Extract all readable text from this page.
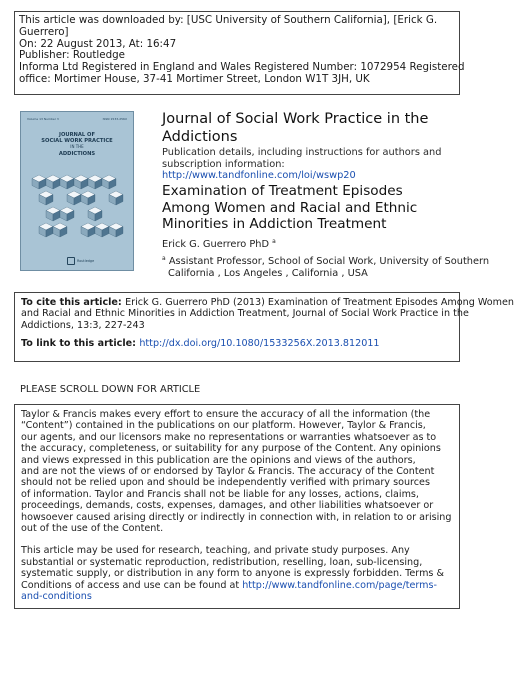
This article was downloaded by: [USC University of Southern California], [Erick G.
Guerrero]
On: 22 August 2013, At: 16:47
Publisher: Routledge
Informa Ltd Registered in England and Wales Registered Number: 1072954 Registered
office: Mortimer House, 37-41 Mortimer Street, London W1T 3JH, UK
Volume 13 Number 3	ISSN 1533-256X
JOURNAL OF
SOCIAL WORK PRACTICE
IN THE
ADDICTIONS
Routledge
Journal of Social Work Practice in the
Addictions
Publication details, including instructions for authors and
subscription information:
http://www.tandfonline.com/loi/wswp20
Examination of Treatment Episodes
Among Women and Racial and Ethnic
Minorities in Addiction Treatment
Erick G. Guerrero PhD $^a$
$^a$ Assistant Professor, School of Social Work, University of Southern
California , Los Angeles , California , USA
To cite this article: Erick G. Guerrero PhD (2013) Examination of Treatment Episodes Among Women
and Racial and Ethnic Minorities in Addiction Treatment, Journal of Social Work Practice in the
Addictions, 13:3, 227-243
To link to this article: http://dx.doi.org/10.1080/1533256X.2013.812011
PLEASE SCROLL DOWN FOR ARTICLE
Taylor & Francis makes every effort to ensure the accuracy of all the information (the
“Content”) contained in the publications on our platform. However, Taylor & Francis,
our agents, and our licensors make no representations or warranties whatsoever as to
the accuracy, completeness, or suitability for any purpose of the Content. Any opinions
and views expressed in this publication are the opinions and views of the authors,
and are not the views of or endorsed by Taylor & Francis. The accuracy of the Content
should not be relied upon and should be independently verified with primary sources
of information. Taylor and Francis shall not be liable for any losses, actions, claims,
proceedings, demands, costs, expenses, damages, and other liabilities whatsoever or
howsoever caused arising directly or indirectly in connection with, in relation to or arising
out of the use of the Content.
This article may be used for research, teaching, and private study purposes. Any
substantial or systematic reproduction, redistribution, reselling, loan, sub-licensing,
systematic supply, or distribution in any form to anyone is expressly forbidden. Terms &
Conditions of access and use can be found at http://www.tandfonline.com/page/terms-
and-conditions
